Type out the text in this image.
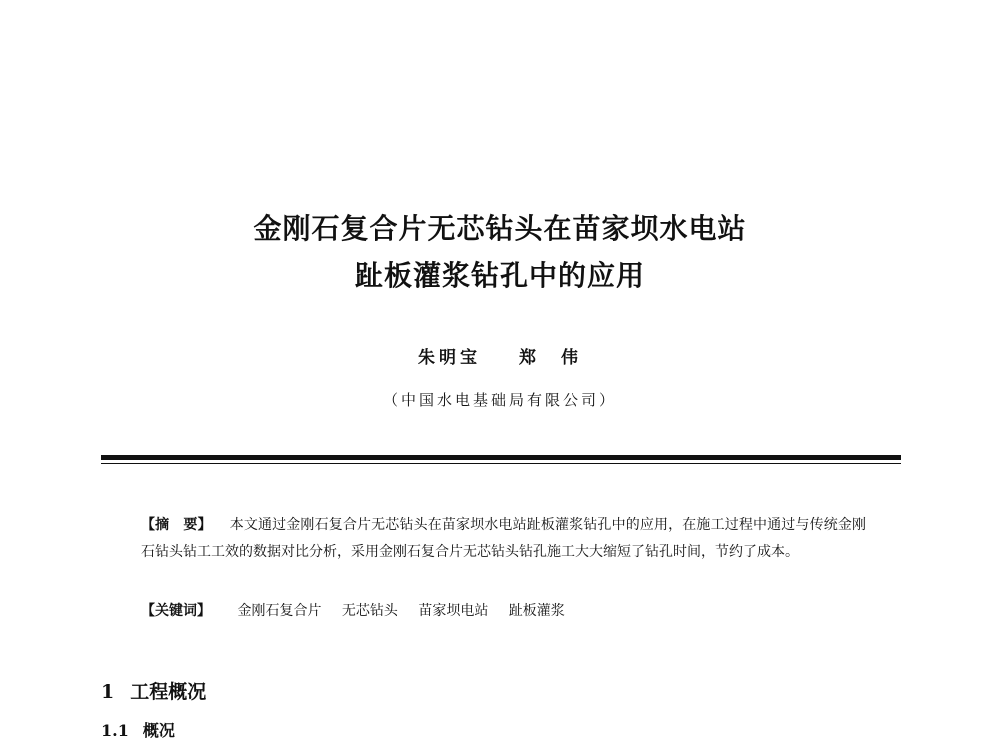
金刚石复合片无芯钻头在苗家坝水电站
趾板灌浆钻孔中的应用
朱明宝 郑　伟
（中国水电基础局有限公司）
【摘　要】 本文通过金刚石复合片无芯钻头在苗家坝水电站趾板灌浆钻孔中的应用，在施工过程中通过与传统金刚石钻头钻工工效的数据对比分析，采用金刚石复合片无芯钻头钻孔施工大大缩短了钻孔时间，节约了成本。
【关键词】 金刚石复合片 无芯钻头 苗家坝电站 趾板灌浆
1 工程概况
1.1 概况
